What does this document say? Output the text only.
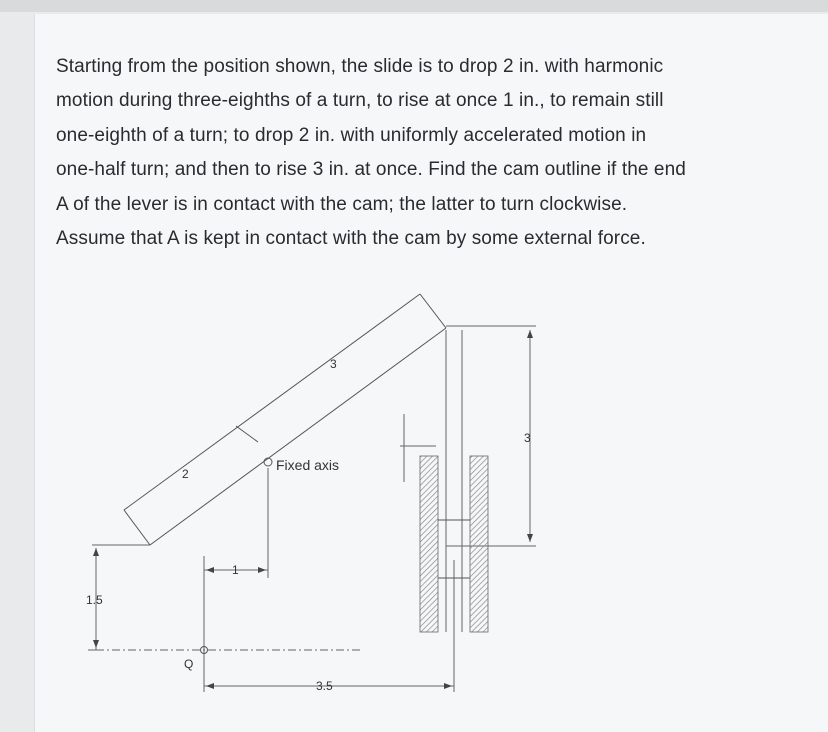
Starting from the position shown, the slide is to drop 2 in. with harmonic
motion during three-eighths of a turn, to rise at once 1 in., to remain still
one-eighth of a turn; to drop 2 in. with uniformly accelerated motion in
one-half turn; and then to rise 3 in. at once. Find the cam outline if the end
A of the lever is in contact with the cam; the latter to turn clockwise.
Assume that A is kept in contact with the cam by some external force.

3
2
Fixed axis
3
1
1.5
Q
3.5
